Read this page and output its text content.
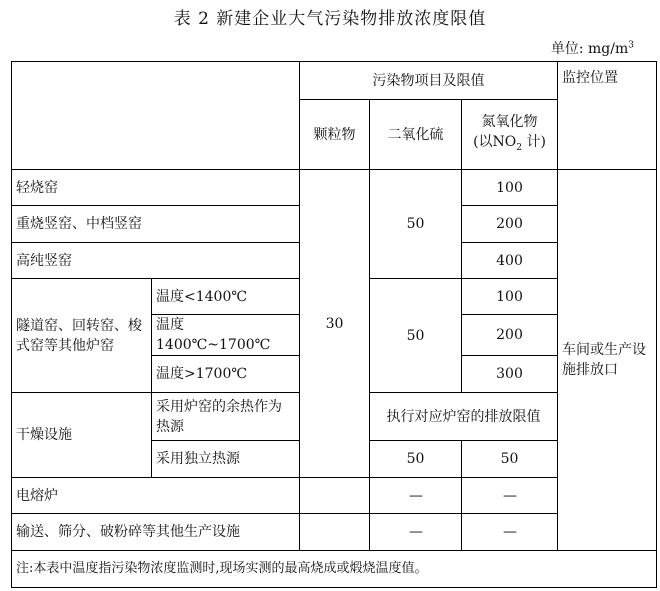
表 2 新建企业大气污染物排放浓度限值
单位: $mg/m^3$
		污染物项目及限值			监控位置
		颗粒物	二氧化硫	氮氧化物
(以$NO_2$ 计)	

轻烧窑		30	50	100	车间或生产设施排放口
重烧竖窑、中档竖窑				200	
高纯竖窑				400	
隧道窑、回转窑、梭式窑等其他炉窑	温度<1400℃		50	100	
	温度1400℃~1700℃			200	
	温度>1700℃			300	
干燥设施	采用炉窑的余热作为热源		执行对应炉窑的排放限值		
	采用独立热源		50	50	
电熔炉			—	—	
输送、筛分、破粉碎等其他生产设施			—	—	
注:本表中温度指污染物浓度监测时,现场实测的最高烧成或煅烧温度值。					
